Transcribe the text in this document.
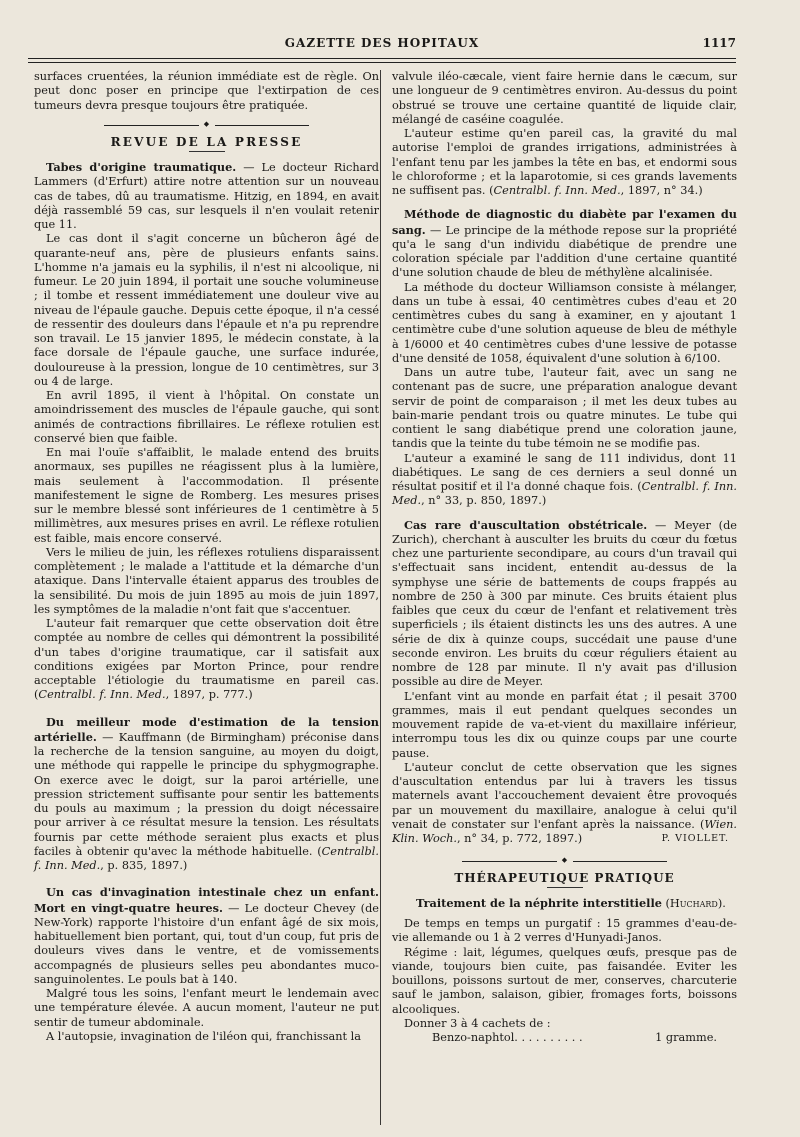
GAZETTE DES HOPITAUX	1117

surfaces cruentées, la réunion immédiate est de règle. On peut donc poser en principe que l'extirpation de ces tumeurs devra presque toujours être pratiquée.

◆
REVUE DE LA PRESSE

Tabes d'origine traumatique. — Le docteur Richard Lammers (d'Erfurt) attire notre attention sur un nouveau cas de tabes, dû au traumatisme. Hitzig, en 1894, en avait déjà rassemblé 59 cas, sur lesquels il n'en voulait retenir que 11.

Le cas dont il s'agit concerne un bûcheron âgé de quarante-neuf ans, père de plusieurs enfants sains. L'homme n'a jamais eu la syphilis, il n'est ni alcoolique, ni fumeur. Le 20 juin 1894, il portait une souche volumineuse ; il tombe et ressent immédiatement une douleur vive au niveau de l'épaule gauche. Depuis cette époque, il n'a cessé de ressentir des douleurs dans l'épaule et n'a pu reprendre son travail. Le 15 janvier 1895, le médecin constate, à la face dorsale de l'épaule gauche, une surface indurée, douloureuse à la pression, longue de 10 centimètres, sur 3 ou 4 de large.

En avril 1895, il vient à l'hôpital. On constate un amoindrissement des muscles de l'épaule gauche, qui sont animés de contractions fibrillaires. Le réflexe rotulien est conservé bien que faible.

En mai l'ouïe s'affaiblit, le malade entend des bruits anormaux, ses pupilles ne réagissent plus à la lumière, mais seulement à l'accommodation. Il présente manifestement le signe de Romberg. Les mesures prises sur le membre blessé sont inférieures de 1 centimètre à 5 millimètres, aux mesures prises en avril. Le réflexe rotulien est faible, mais encore conservé.

Vers le milieu de juin, les réflexes rotuliens disparaissent complètement ; le malade a l'attitude et la démarche d'un ataxique. Dans l'intervalle étaient apparus des troubles de la sensibilité. Du mois de juin 1895 au mois de juin 1897, les symptômes de la maladie n'ont fait que s'accentuer.

L'auteur fait remarquer que cette observation doit être comptée au nombre de celles qui démontrent la possibilité d'un tabes d'origine traumatique, car il satisfait aux conditions exigées par Morton Prince, pour rendre acceptable l'étiologie du traumatisme en pareil cas. (Centralbl. f. Inn. Med., 1897, p. 777.)

Du meilleur mode d'estimation de la tension artérielle. — Kauffmann (de Birmingham) préconise dans la recherche de la tension sanguine, au moyen du doigt, une méthode qui rappelle le principe du sphygmographe. On exerce avec le doigt, sur la paroi artérielle, une pression strictement suffisante pour sentir les battements du pouls au maximum ; la pression du doigt nécessaire pour arriver à ce résultat mesure la tension. Les résultats fournis par cette méthode seraient plus exacts et plus faciles à obtenir qu'avec la méthode habituelle. (Centralbl. f. Inn. Med., p. 835, 1897.)

Un cas d'invagination intestinale chez un enfant. Mort en vingt-quatre heures. — Le docteur Chevey (de New-York) rapporte l'histoire d'un enfant âgé de six mois, habituellement bien portant, qui, tout d'un coup, fut pris de douleurs vives dans le ventre, et de vomissements accompagnés de plusieurs selles peu abondantes muco-sanguinolentes. Le pouls bat à 140.

Malgré tous les soins, l'enfant meurt le lendemain avec une température élevée. A aucun moment, l'auteur ne put sentir de tumeur abdominale.

A l'autopsie, invagination de l'iléon qui, franchissant la

valvule iléo-cæcale, vient faire hernie dans le cæcum, sur une longueur de 9 centimètres environ. Au-dessus du point obstrué se trouve une certaine quantité de liquide clair, mélangé de caséine coagulée.

L'auteur estime qu'en pareil cas, la gravité du mal autorise l'emploi de grandes irrigations, administrées à l'enfant tenu par les jambes la tête en bas, et endormi sous le chloroforme ; et la laparotomie, si ces grands lavements ne suffisent pas. (Centralbl. f. Inn. Med., 1897, n° 34.)

Méthode de diagnostic du diabète par l'examen du sang. — Le principe de la méthode repose sur la propriété qu'a le sang d'un individu diabétique de prendre une coloration spéciale par l'addition d'une certaine quantité d'une solution chaude de bleu de méthylène alcalinisée.

La méthode du docteur Williamson consiste à mélanger, dans un tube à essai, 40 centimètres cubes d'eau et 20 centimètres cubes du sang à examiner, en y ajoutant 1 centimètre cube d'une solution aqueuse de bleu de méthyle à 1/6000 et 40 centimètres cubes d'une lessive de potasse d'une densité de 1058, équivalent d'une solution à 6/100.

Dans un autre tube, l'auteur fait, avec un sang ne contenant pas de sucre, une préparation analogue devant servir de point de comparaison ; il met les deux tubes au bain-marie pendant trois ou quatre minutes. Le tube qui contient le sang diabétique prend une coloration jaune, tandis que la teinte du tube témoin ne se modifie pas.

L'auteur a examiné le sang de 111 individus, dont 11 diabétiques. Le sang de ces derniers a seul donné un résultat positif et il l'a donné chaque fois. (Centralbl. f. Inn. Med., n° 33, p. 850, 1897.)

Cas rare d'auscultation obstétricale. — Meyer (de Zurich), cherchant à ausculter les bruits du cœur du fœtus chez une parturiente secondipare, au cours d'un travail qui s'effectuait sans incident, entendit au-dessus de la symphyse une série de battements de coups frappés au nombre de 250 à 300 par minute. Ces bruits étaient plus faibles que ceux du cœur de l'enfant et relativement très superficiels ; ils étaient distincts les uns des autres. A une série de dix à quinze coups, succédait une pause d'une seconde environ. Les bruits du cœur réguliers étaient au nombre de 128 par minute. Il n'y avait pas d'illusion possible au dire de Meyer.

L'enfant vint au monde en parfait état ; il pesait 3700 grammes, mais il eut pendant quelques secondes un mouvement rapide de va-et-vient du maxillaire inférieur, interrompu tous les dix ou quinze coups par une courte pause.

L'auteur conclut de cette observation que les signes d'auscultation entendus par lui à travers les tissus maternels avant l'accouchement devaient être provoqués par un mouvement du maxillaire, analogue à celui qu'il venait de constater sur l'enfant après la naissance. (Wien. Klin. Woch., n° 34, p. 772, 1897.)	P. VIOLLET.
◆
THÉRAPEUTIQUE PRATIQUE

Traitement de la néphrite interstitielle (Huchard).

De temps en temps un purgatif : 15 grammes d'eau-de-vie allemande ou 1 à 2 verres d'Hunyadi-Janos.

Régime : lait, légumes, quelques œufs, presque pas de viande, toujours bien cuite, pas faisandée. Eviter les bouillons, poissons surtout de mer, conserves, charcuterie sauf le jambon, salaison, gibier, fromages forts, boissons alcooliques.

Donner 3 à 4 cachets de :

Benzo-naphtol. . . . . . . . . .	1 gramme.
